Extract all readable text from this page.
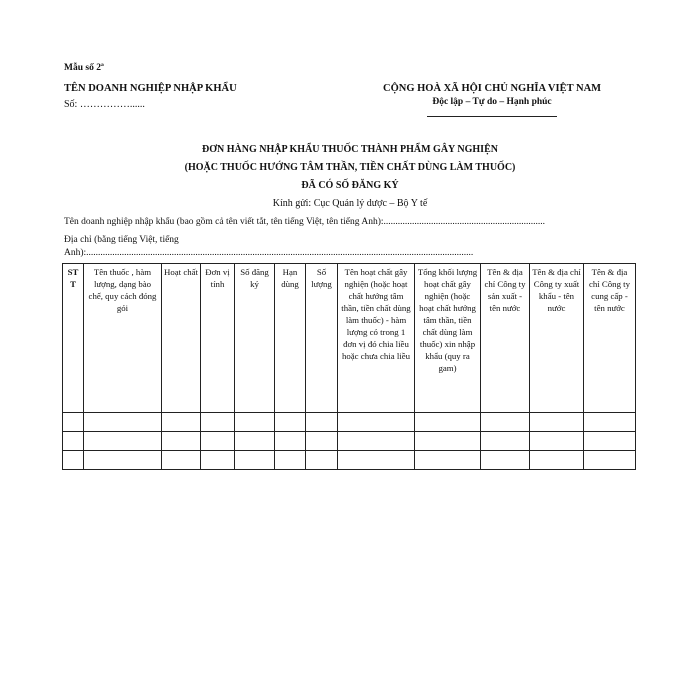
Mẫu số 2ª
TÊN DOANH NGHIỆP NHẬP KHẨU
Số: ……………......
CỘNG HOÀ XÃ HỘI CHỦ NGHĨA VIỆT NAM
Độc lập – Tự do – Hạnh phúc
ĐƠN HÀNG NHẬP KHẨU THUỐC THÀNH PHẨM GÂY NGHIỆN
(HOẶC THUỐC HƯỚNG TÂM THẦN, TIỀN CHẤT DÙNG LÀM THUỐC)
ĐÃ CÓ SỐ ĐĂNG KÝ
Kính gửi: Cục Quản lý dược – Bộ Y tế
Tên doanh nghiệp nhập khẩu (bao gồm cả tên viết tắt, tên tiếng Việt, tên tiếng Anh):....................................................................
Địa chỉ (bằng tiếng Việt, tiếng
Anh):...................................................................................................................................................................
ST T	Tên thuốc , hàm lượng, dạng bào chế, quy cách đóng gói	Hoạt chất	Đơn vị tính	Số đăng ký	Hạn dùng	Số lượng	Tên hoạt chất gây nghiện (hoặc hoạt chất hướng tâm thần, tiền chất dùng làm thuốc) - hàm lượng có trong 1 đơn vị đó chia liều hoặc chưa chia liều	Tổng khối lượng hoạt chất gây nghiện (hoặc hoạt chất hướng tâm thần, tiền chất dùng làm thuốc) xin nhập khẩu (quy ra gam)	Tên & địa chỉ Công ty sản xuất - tên nước	Tên & địa chỉ Công ty xuất khẩu - tên nước	Tên & địa chỉ Công ty cung cấp - tên nước
